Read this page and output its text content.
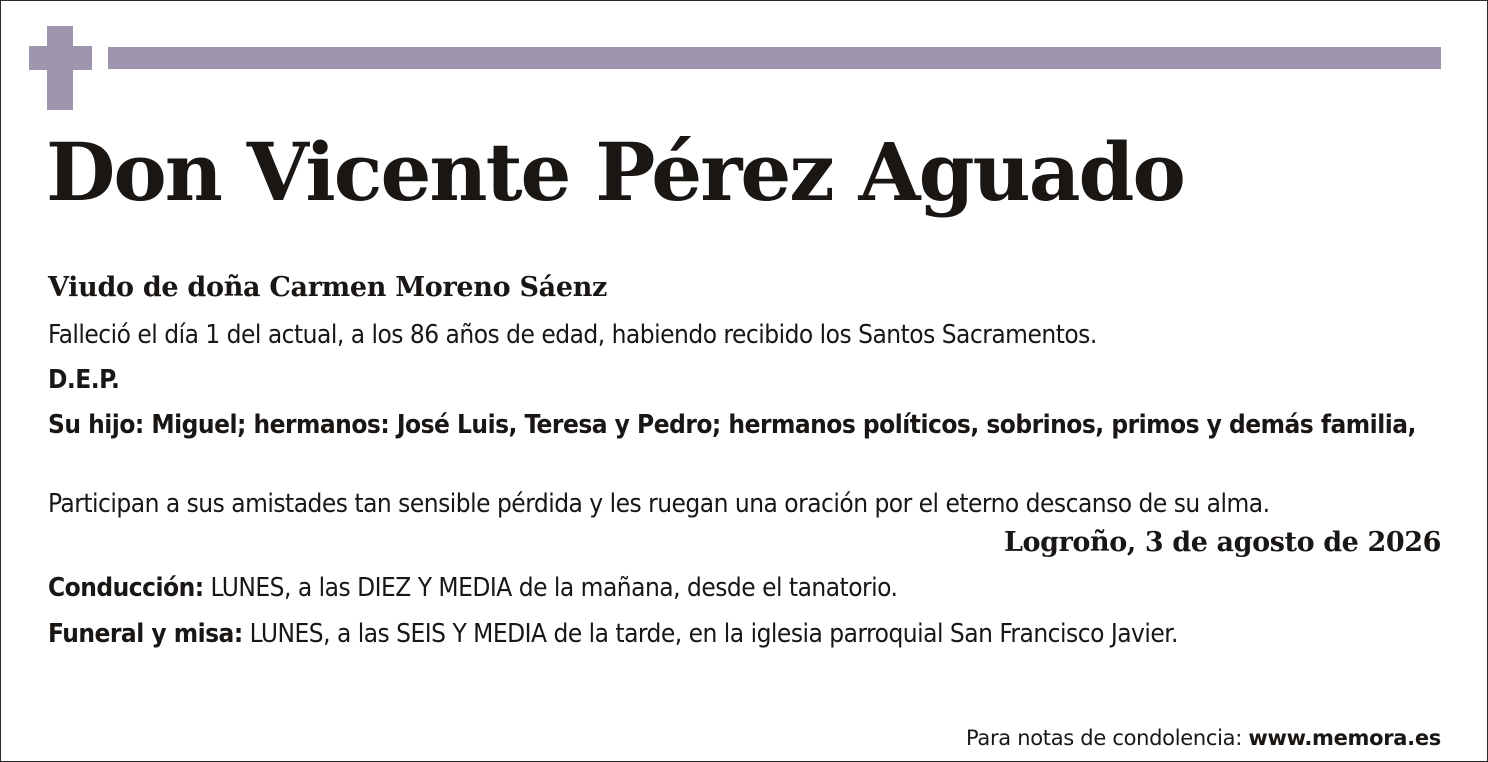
Don Vicente Pérez Aguado

Viudo de doña Carmen Moreno Sáenz

Falleció el día 1 del actual, a los 86 años de edad, habiendo recibido los Santos Sacramentos.

D.E.P.

Su hijo: Miguel; hermanos: José Luis, Teresa y Pedro; hermanos políticos, sobrinos, primos y demás familia,

Participan a sus amistades tan sensible pérdida y les ruegan una oración por el eterno descanso de su alma.

Logroño, 3 de agosto de 2026

Conducción: LUNES, a las DIEZ Y MEDIA de la mañana, desde el tanatorio.

Funeral y misa: LUNES, a las SEIS Y MEDIA de la tarde, en la iglesia parroquial San Francisco Javier.

Para notas de condolencia: www.memora.es
